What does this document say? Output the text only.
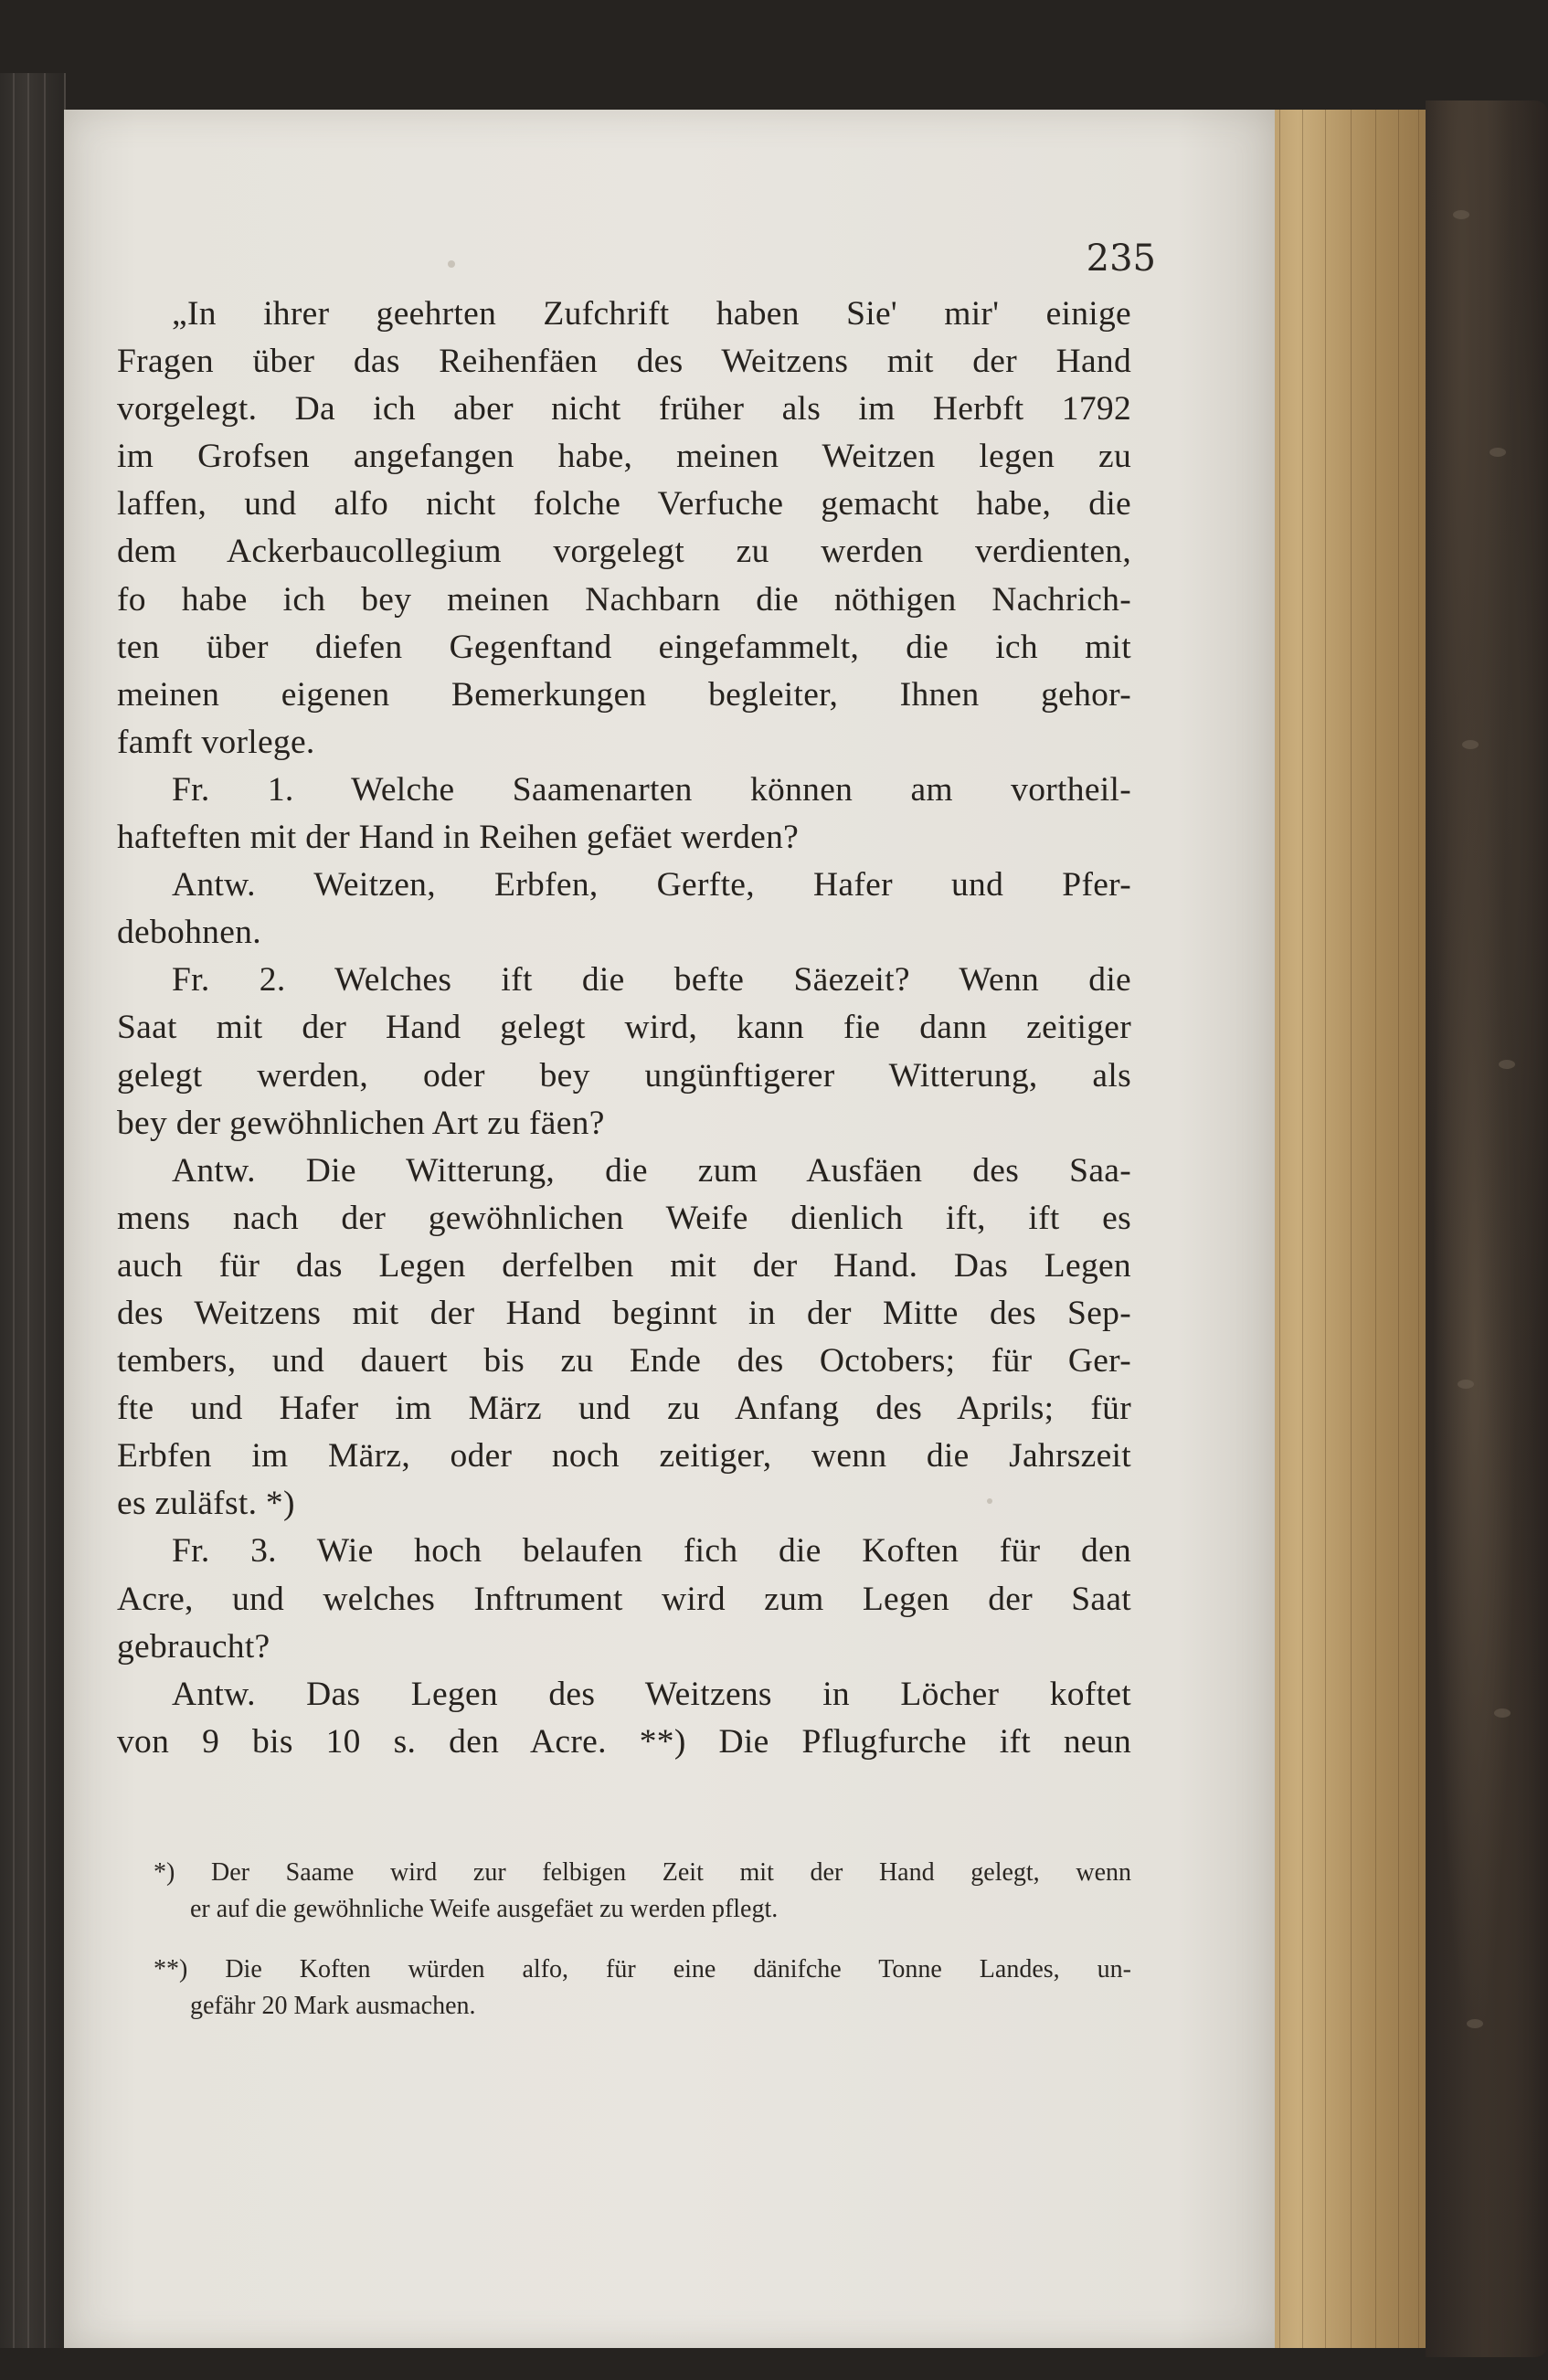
235
„In ihrer geehrten Zufchrift haben Sie' mir' einige
Fragen über das Reihenfäen des Weitzens mit der Hand
vorgelegt. Da ich aber nicht früher als im Herbft 1792
im Grofsen angefangen habe, meinen Weitzen legen zu
laffen, und alfo nicht folche Verfuche gemacht habe, die
dem Ackerbaucollegium vorgelegt zu werden verdienten,
fo habe ich bey meinen Nachbarn die nöthigen Nachrich-
ten über diefen Gegenftand eingefammelt, die ich mit
meinen eigenen Bemerkungen begleiter, Ihnen gehor-
famft vorlege.
Fr. 1. Welche Saamenarten können am vortheil-
hafteften mit der Hand in Reihen gefäet werden?
Antw. Weitzen, Erbfen, Gerfte, Hafer und Pfer-
debohnen.
Fr. 2. Welches ift die befte Säezeit? Wenn die
Saat mit der Hand gelegt wird, kann fie dann zeitiger
gelegt werden, oder bey ungünftigerer Witterung, als
bey der gewöhnlichen Art zu fäen?
Antw. Die Witterung, die zum Ausfäen des Saa-
mens nach der gewöhnlichen Weife dienlich ift, ift es
auch für das Legen derfelben mit der Hand. Das Legen
des Weitzens mit der Hand beginnt in der Mitte des Sep-
tembers, und dauert bis zu Ende des Octobers; für Ger-
fte und Hafer im März und zu Anfang des Aprils; für
Erbfen im März, oder noch zeitiger, wenn die Jahrszeit
es zuläfst. *)
Fr. 3. Wie hoch belaufen fich die Koften für den
Acre, und welches Inftrument wird zum Legen der Saat
gebraucht?
Antw. Das Legen des Weitzens in Löcher koftet
von 9 bis 10 s. den Acre. **) Die Pflugfurche ift neun
*) Der Saame wird zur felbigen Zeit mit der Hand gelegt, wenn
er auf die gewöhnliche Weife ausgefäet zu werden pflegt.
**) Die Koften würden alfo, für eine dänifche Tonne Landes, un-
gefähr 20 Mark ausmachen.
